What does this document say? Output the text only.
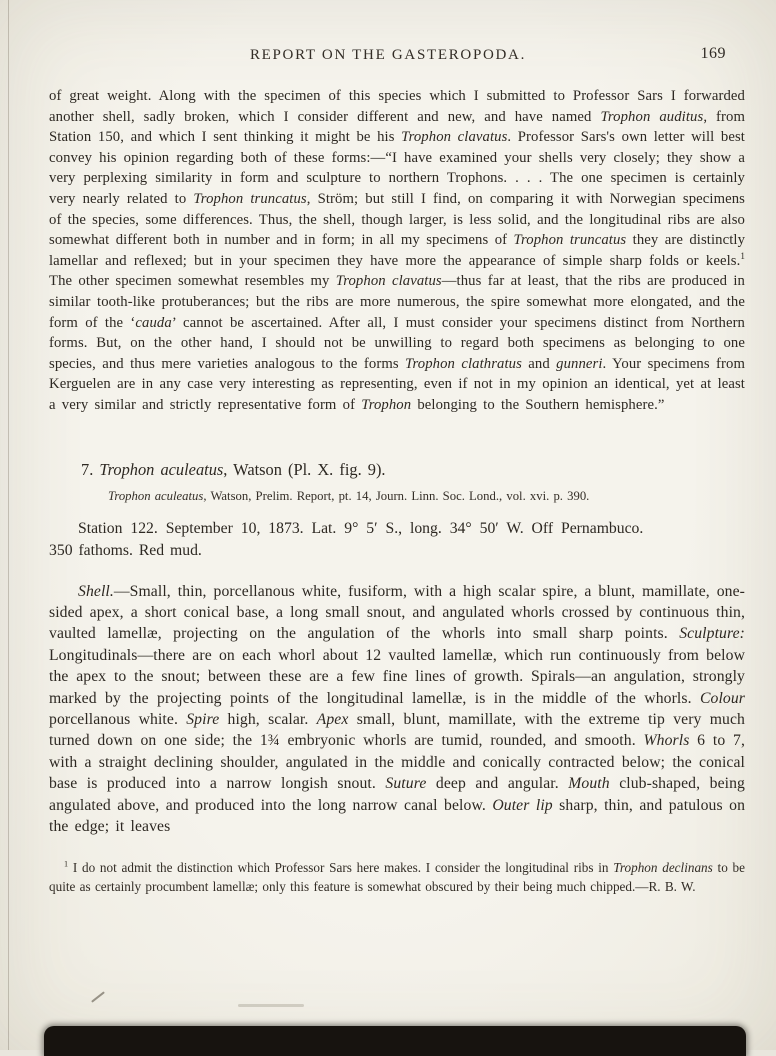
REPORT ON THE GASTEROPODA.	169

of great weight. Along with the specimen of this species which I submitted to Professor Sars I forwarded another shell, sadly broken, which I consider different and new, and have named Trophon auditus, from Station 150, and which I sent thinking it might be his Trophon clavatus. Professor Sars's own letter will best convey his opinion regarding both of these forms:—“I have examined your shells very closely; they show a very perplexing similarity in form and sculpture to northern Trophons. . . . The one specimen is certainly very nearly related to Trophon truncatus, Ström; but still I find, on comparing it with Norwegian specimens of the species, some differences. Thus, the shell, though larger, is less solid, and the longitudinal ribs are also somewhat different both in number and in form; in all my specimens of Trophon truncatus they are distinctly lamellar and reflexed; but in your specimen they have more the appearance of simple sharp folds or keels.$^1$ The other specimen somewhat resembles my Trophon clavatus—thus far at least, that the ribs are produced in similar tooth-like protuberances; but the ribs are more numerous, the spire somewhat more elongated, and the form of the ‘cauda’ cannot be ascertained. After all, I must consider your specimens distinct from Northern forms. But, on the other hand, I should not be unwilling to regard both specimens as belonging to one species, and thus mere varieties analogous to the forms Trophon clathratus and gunneri. Your specimens from Kerguelen are in any case very interesting as representing, even if not in my opinion an identical, yet at least a very similar and strictly representative form of Trophon belonging to the Southern hemisphere.”

7. Trophon aculeatus, Watson (Pl. X. fig. 9).

Trophon aculeatus, Watson, Prelim. Report, pt. 14, Journ. Linn. Soc. Lond., vol. xvi. p. 390.

Station 122. September 10, 1873. Lat. 9° 5′ S., long. 34° 50′ W. Off Pernambuco.
350 fathoms. Red mud.

Shell.—Small, thin, porcellanous white, fusiform, with a high scalar spire, a blunt, mamillate, one-sided apex, a short conical base, a long small snout, and angulated whorls crossed by continuous thin, vaulted lamellæ, projecting on the angulation of the whorls into small sharp points. Sculpture: Longitudinals—there are on each whorl about 12 vaulted lamellæ, which run continuously from below the apex to the snout; between these are a few fine lines of growth. Spirals—an angulation, strongly marked by the projecting points of the longitudinal lamellæ, is in the middle of the whorls. Colour porcellanous white. Spire high, scalar. Apex small, blunt, mamillate, with the extreme tip very much turned down on one side; the 1¾ embryonic whorls are tumid, rounded, and smooth. Whorls 6 to 7, with a straight declining shoulder, angulated in the middle and conically contracted below; the conical base is produced into a narrow longish snout. Suture deep and angular. Mouth club-shaped, being angulated above, and produced into the long narrow canal below. Outer lip sharp, thin, and patulous on the edge; it leaves

$^1$ I do not admit the distinction which Professor Sars here makes. I consider the longitudinal ribs in Trophon declinans to be quite as certainly procumbent lamellæ; only this feature is somewhat obscured by their being much chipped.—R. B. W.
